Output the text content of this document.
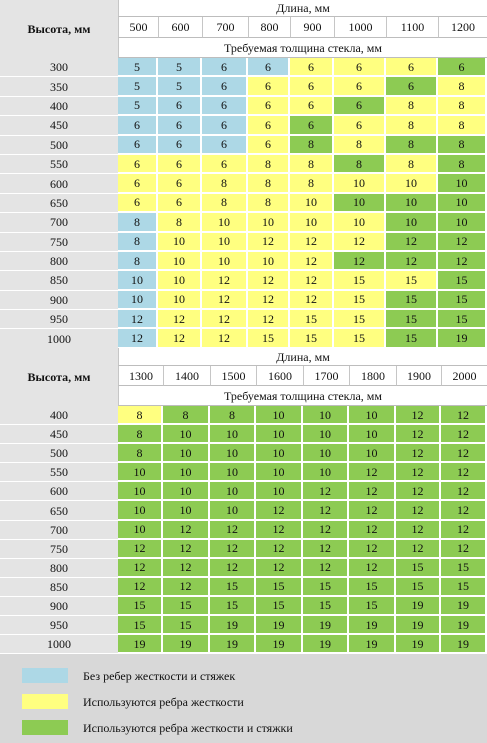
Высота, мм	Длина, мм							
	500	600	700	800	900	1000	1100	1200
	Требуемая толщина стекла, мм							
300	5	5	6	6	6	6	6	6
350	5	5	6	6	6	6	6	8
400	5	6	6	6	6	6	8	8
450	6	6	6	6	6	6	8	8
500	6	6	6	6	8	8	8	8
550	6	6	6	8	8	8	8	8
600	6	6	8	8	8	10	10	10
650	6	6	8	8	10	10	10	10
700	8	8	10	10	10	10	10	10
750	8	10	10	12	12	12	12	12
800	8	10	10	10	12	12	12	12
850	10	10	12	12	12	15	15	15
900	10	10	12	12	12	15	15	15
950	12	12	12	12	15	15	15	15
1000	12	12	12	15	15	15	15	19
Высота, мм	Длина, мм							
	1300	1400	1500	1600	1700	1800	1900	2000
	Требуемая толщина стекла, мм							
400	8	8	8	10	10	10	12	12
450	8	10	10	10	10	10	12	12
500	8	10	10	10	10	10	12	12
550	10	10	10	10	10	12	12	12
600	10	10	10	10	12	12	12	12
650	10	10	10	12	12	12	12	12
700	10	12	12	12	12	12	12	12
750	12	12	12	12	12	12	12	12
800	12	12	12	12	12	12	15	15
850	12	12	15	15	15	15	15	15
900	15	15	15	15	15	15	19	19
950	15	15	19	19	19	19	19	19
1000	19	19	19	19	19	19	19	19
Без ребер жесткости и стяжек
Используются ребра жесткости
Используются ребра жесткости и стяжки
